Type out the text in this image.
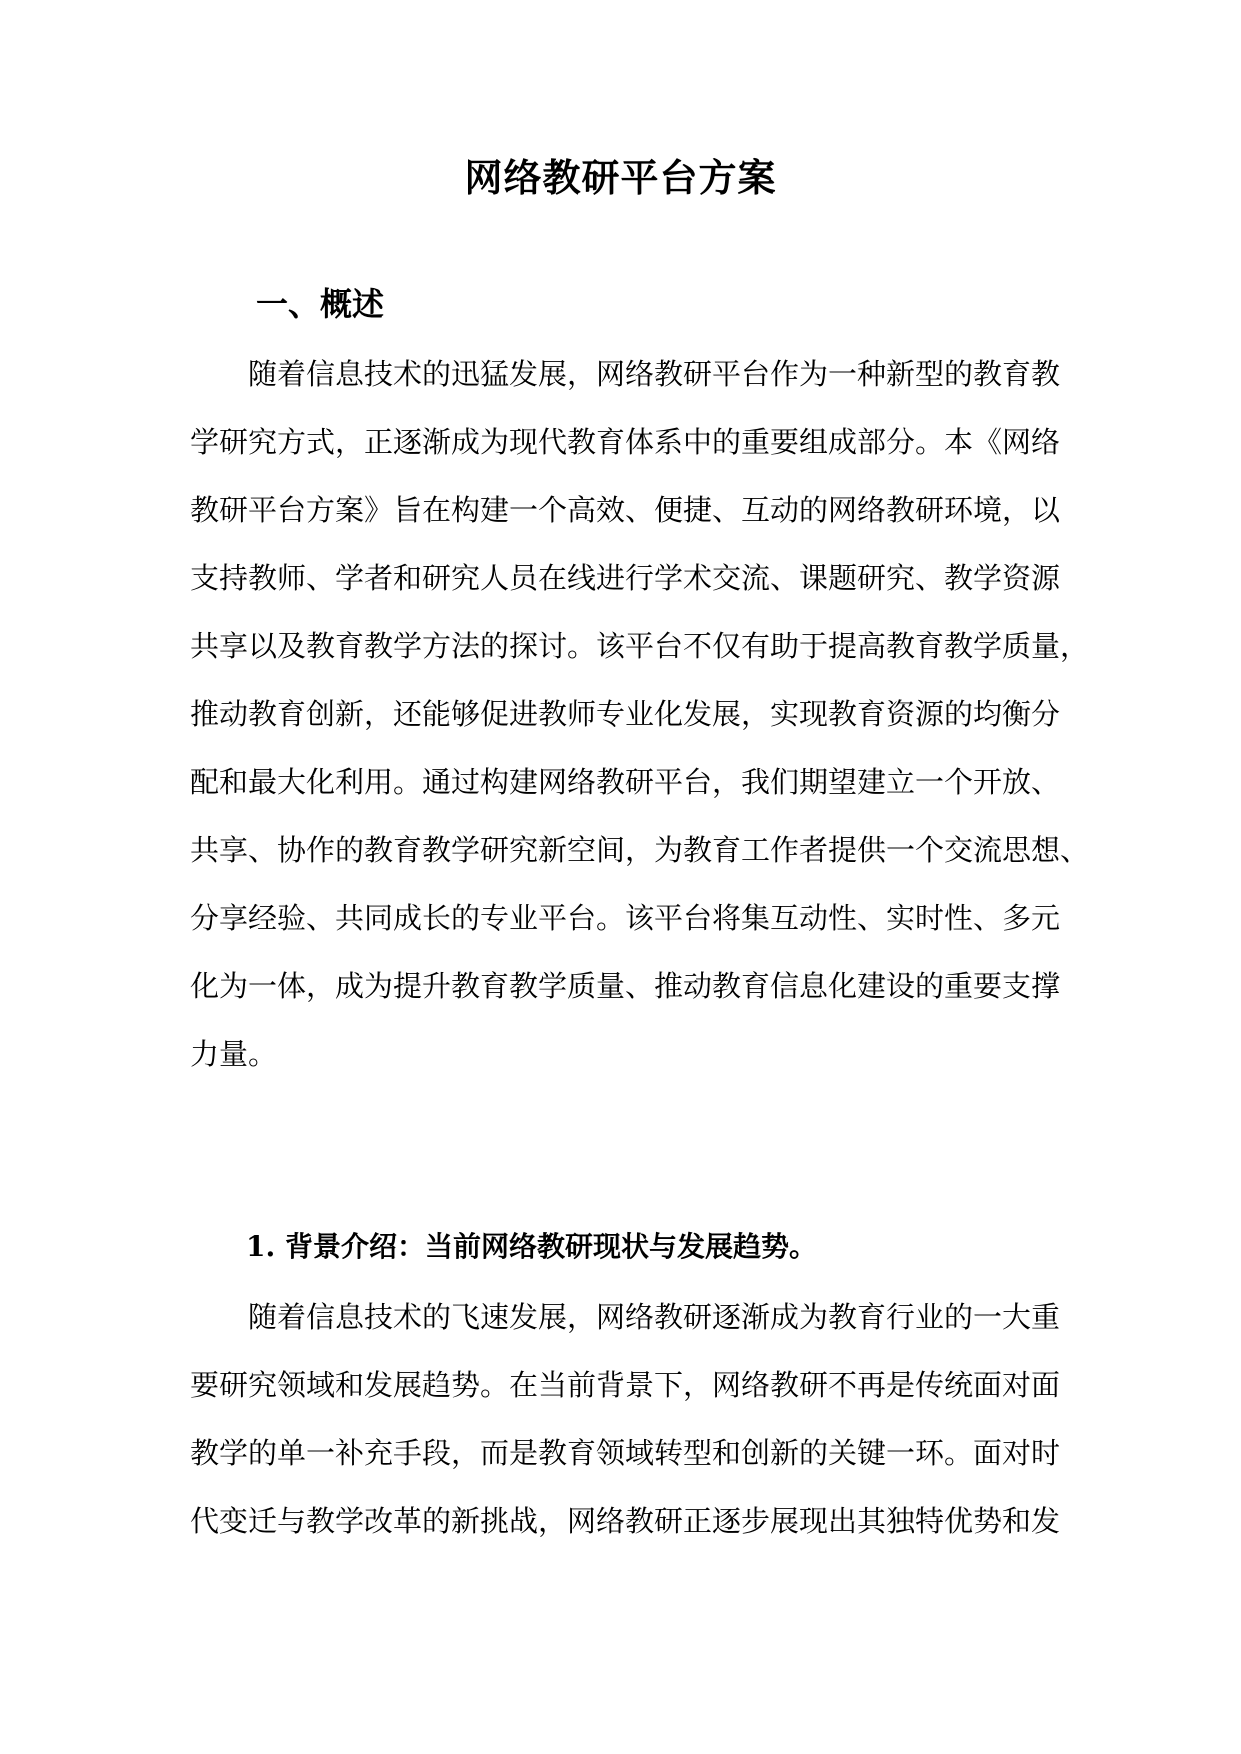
网络教研平台方案
一、概述
随着信息技术的迅猛发展，网络教研平台作为一种新型的教育教
学研究方式，正逐渐成为现代教育体系中的重要组成部分。本《网络
教研平台方案》旨在构建一个高效、便捷、互动的网络教研环境，以
支持教师、学者和研究人员在线进行学术交流、课题研究、教学资源
共享以及教育教学方法的探讨。该平台不仅有助于提高教育教学质量，
推动教育创新，还能够促进教师专业化发展，实现教育资源的均衡分
配和最大化利用。通过构建网络教研平台，我们期望建立一个开放、
共享、协作的教育教学研究新空间，为教育工作者提供一个交流思想、
分享经验、共同成长的专业平台。该平台将集互动性、实时性、多元
化为一体，成为提升教育教学质量、推动教育信息化建设的重要支撑
力量。
1. 背景介绍：当前网络教研现状与发展趋势。
随着信息技术的飞速发展，网络教研逐渐成为教育行业的一大重
要研究领域和发展趋势。在当前背景下，网络教研不再是传统面对面
教学的单一补充手段，而是教育领域转型和创新的关键一环。面对时
代变迁与教学改革的新挑战，网络教研正逐步展现出其独特优势和发
